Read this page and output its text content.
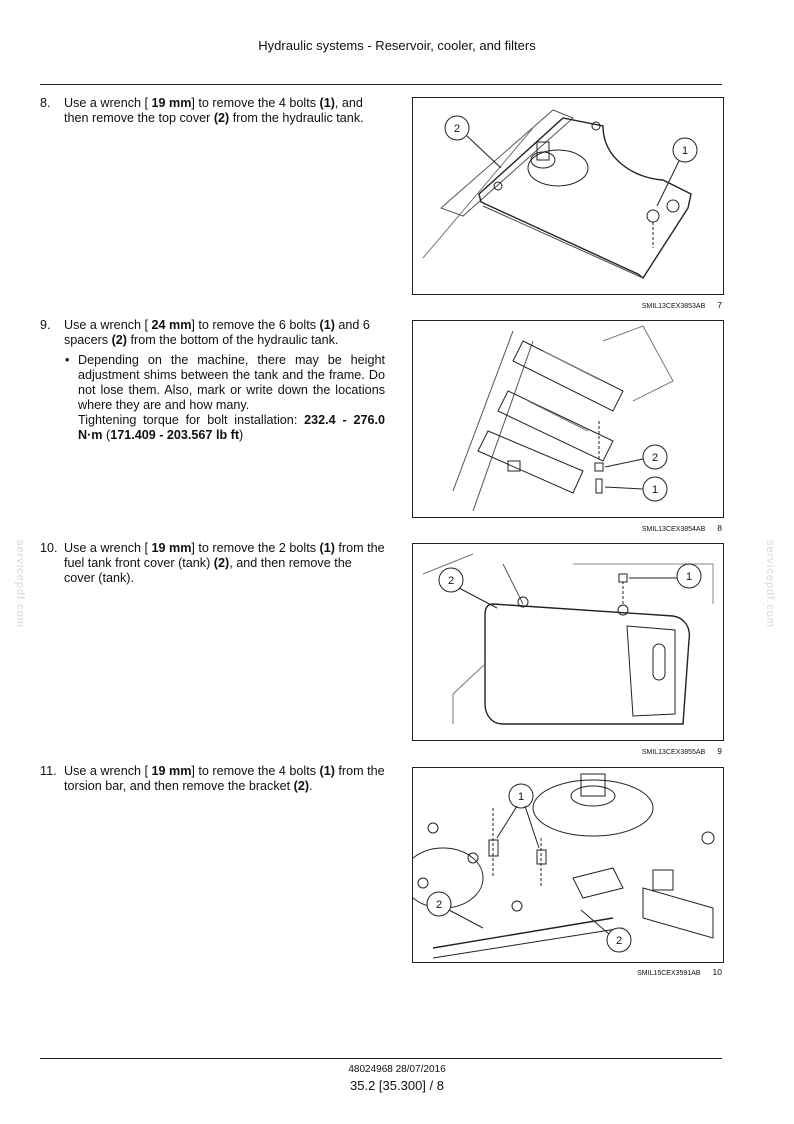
Hydraulic systems - Reservoir, cooler, and filters
8.	Use a wrench [ 19 mm] to remove the 4 bolts (1), and then remove the top cover (2) from the hydraulic tank.
9.	Use a wrench [ 24 mm] to remove the 6 bolts (1) and 6 spacers (2) from the bottom of the hydraulic tank.
• Depending on the machine, there may be height adjustment shims between the tank and the frame. Do not lose them. Also, mark or write down the locations where they are and how many.
Tightening torque for bolt installation: 232.4 - 276.0 N·m (171.409 - 203.567 lb ft)
10. Use a wrench [ 19 mm] to remove the 2 bolts (1) from the fuel tank front cover (tank) (2), and then remove the cover (tank).
11. Use a wrench [ 19 mm] to remove the 4 bolts (1) from the torsion bar, and then remove the bracket (2).
2
1
SMIL13CEX3853AB 7
2
1
SMIL13CEX3854AB 8
2	1
SMIL13CEX3855AB 9
1
2
2
SMIL15CEX3591AB 10
servicepdf.com	servicepdf.com
48024968 28/07/2016
35.2 [35.300] / 8
